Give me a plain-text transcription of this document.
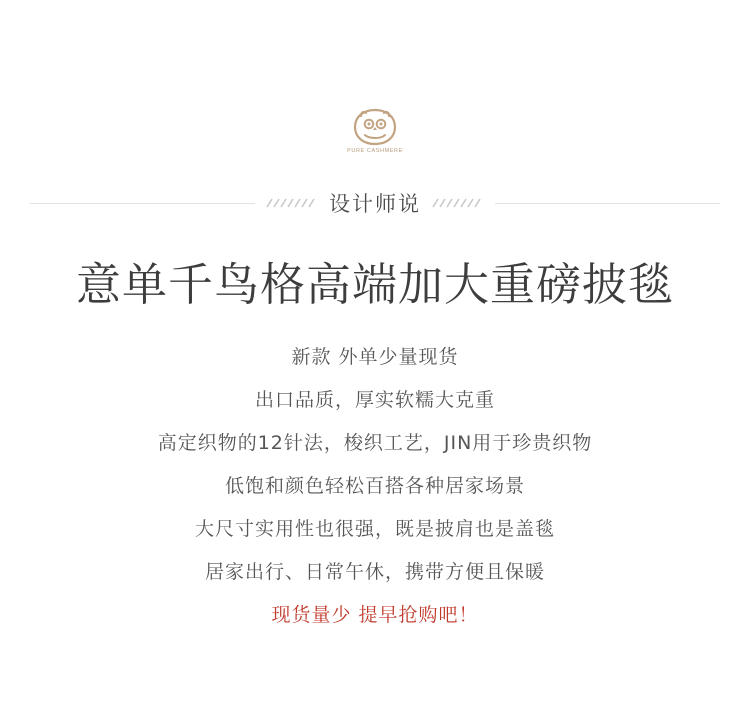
PURE CASHMERE
设计师说
意单千鸟格高端加大重磅披毯
新款 外单少量现货
出口品质，厚实软糯大克重
高定织物的12针法，梭织工艺，JIN用于珍贵织物
低饱和颜色轻松百搭各种居家场景
大尺寸实用性也很强，既是披肩也是盖毯
居家出行、日常午休，携带方便且保暖
现货量少 提早抢购吧！
